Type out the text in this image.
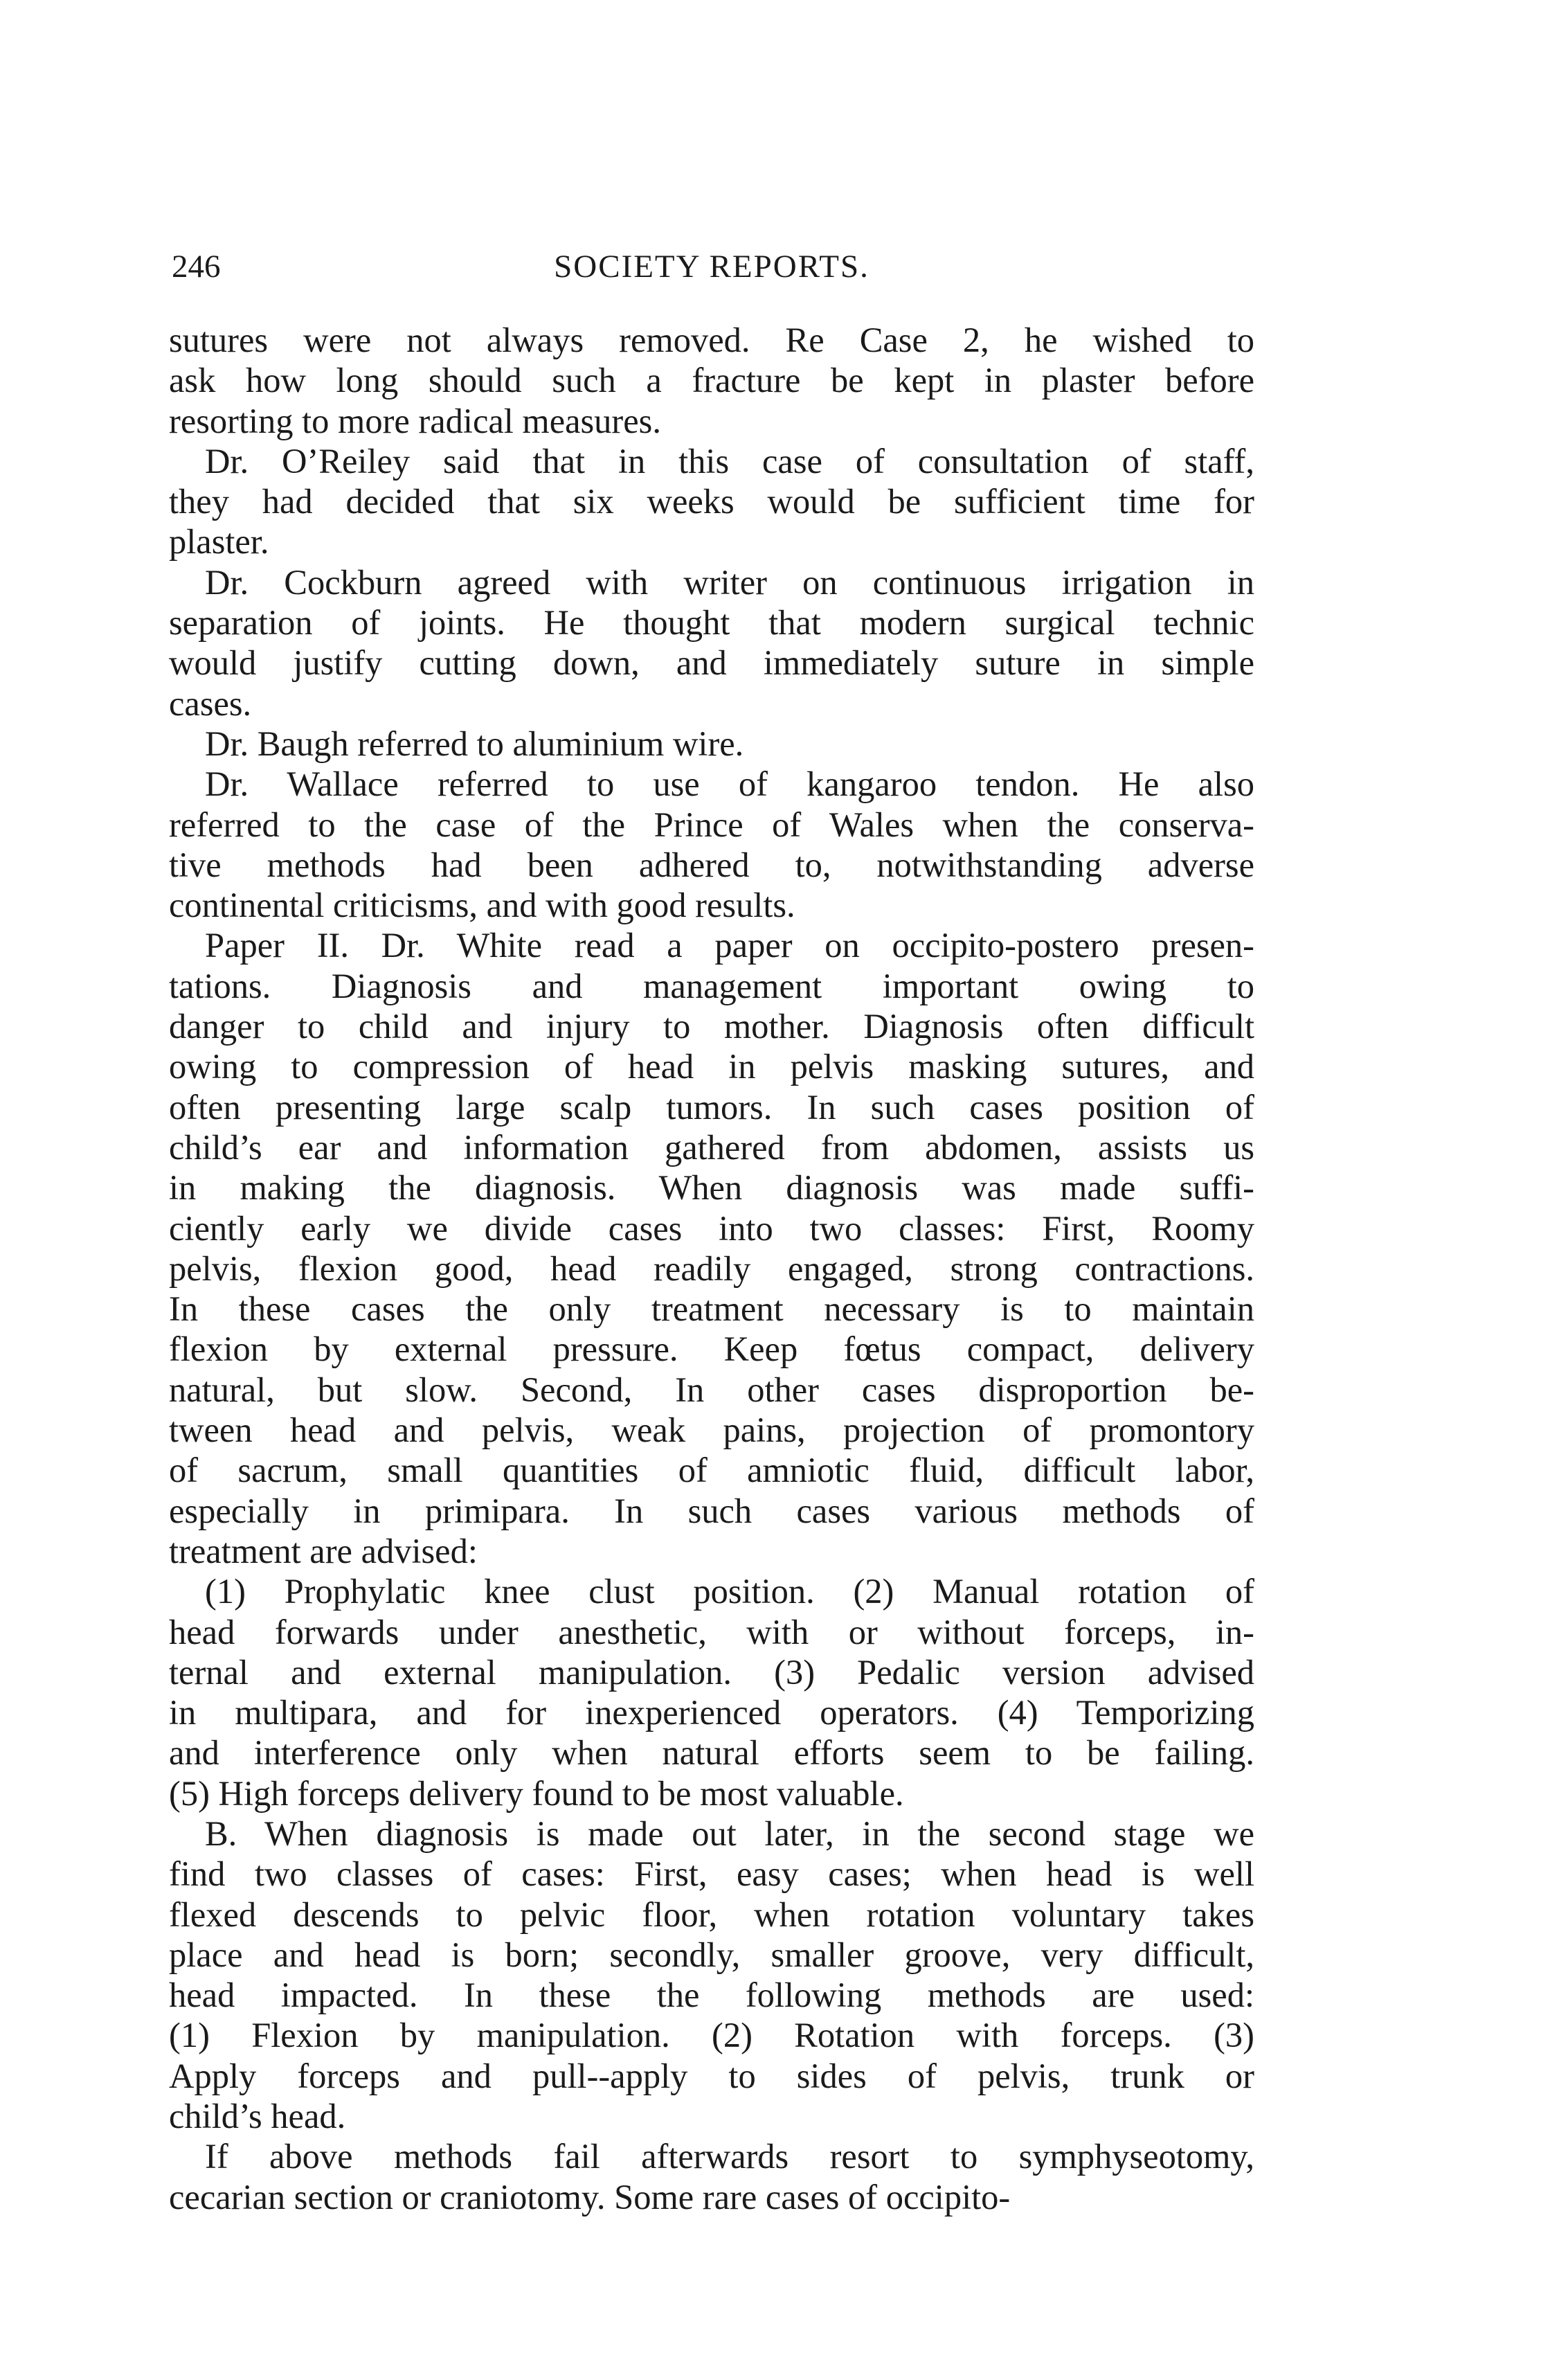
246	SOCIETY REPORTS.
sutures were not always removed. Re Case 2, he wished to
ask how long should such a fracture be kept in plaster before
resorting to more radical measures.
Dr. O’Reiley said that in this case of consultation of staff,
they had decided that six weeks would be sufficient time for
plaster.
Dr. Cockburn agreed with writer on continuous irrigation in
separation of joints. He thought that modern surgical technic
would justify cutting down, and immediately suture in simple
cases.
Dr. Baugh referred to aluminium wire.
Dr. Wallace referred to use of kangaroo tendon. He also
referred to the case of the Prince of Wales when the conserva-
tive methods had been adhered to, notwithstanding adverse
continental criticisms, and with good results.
Paper II. Dr. White read a paper on occipito-postero presen-
tations. Diagnosis and management important owing to
danger to child and injury to mother. Diagnosis often difficult
owing to compression of head in pelvis masking sutures, and
often presenting large scalp tumors. In such cases position of
child’s ear and information gathered from abdomen, assists us
in making the diagnosis. When diagnosis was made suffi-
ciently early we divide cases into two classes: First, Roomy
pelvis, flexion good, head readily engaged, strong contractions.
In these cases the only treatment necessary is to maintain
flexion by external pressure. Keep fœtus compact, delivery
natural, but slow. Second, In other cases disproportion be-
tween head and pelvis, weak pains, projection of promontory
of sacrum, small quantities of amniotic fluid, difficult labor,
especially in primipara. In such cases various methods of
treatment are advised:
(1) Prophylatic knee clust position. (2) Manual rotation of
head forwards under anesthetic, with or without forceps, in-
ternal and external manipulation. (3) Pedalic version advised
in multipara, and for inexperienced operators. (4) Temporizing
and interference only when natural efforts seem to be failing.
(5) High forceps delivery found to be most valuable.
B. When diagnosis is made out later, in the second stage we
find two classes of cases: First, easy cases; when head is well
flexed descends to pelvic floor, when rotation voluntary takes
place and head is born; secondly, smaller groove, very difficult,
head impacted. In these the following methods are used:
(1) Flexion by manipulation. (2) Rotation with forceps. (3)
Apply forceps and pull--apply to sides of pelvis, trunk or
child’s head.
If above methods fail afterwards resort to symphyseotomy,
cecarian section or craniotomy. Some rare cases of occipito-
